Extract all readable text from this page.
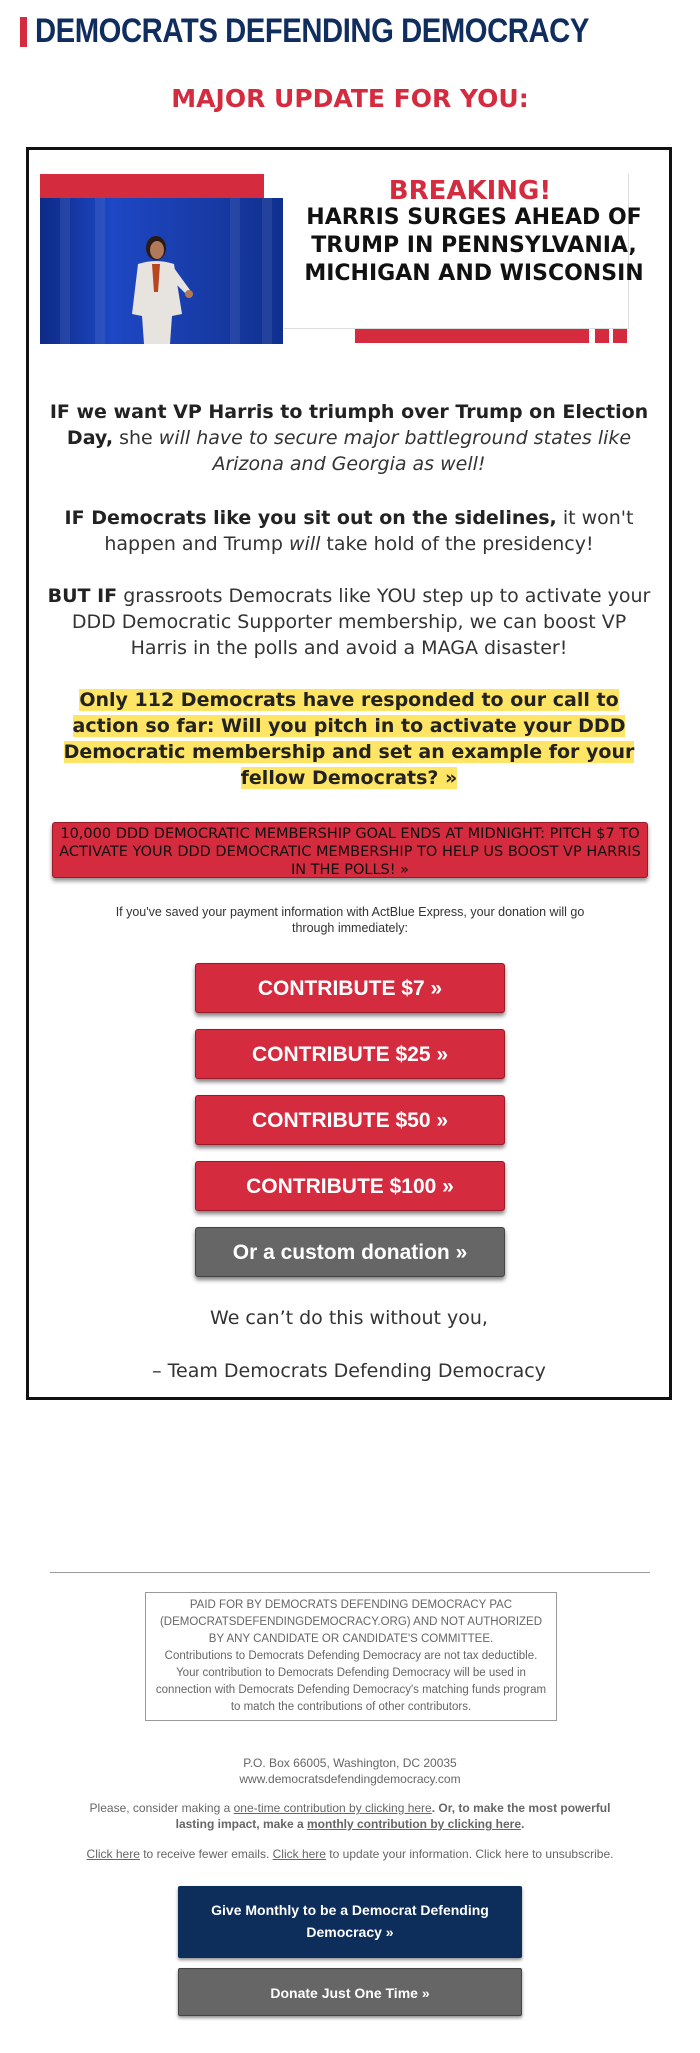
DEMOCRATS DEFENDING DEMOCRACY
MAJOR UPDATE FOR YOU:
BREAKING!
HARRIS SURGES AHEAD OF TRUMP IN PENNSYLVANIA, MICHIGAN AND WISCONSIN
IF we want VP Harris to triumph over Trump on Election Day, she will have to secure major battleground states like Arizona and Georgia as well!
IF Democrats like you sit out on the sidelines, it won't happen and Trump will take hold of the presidency!
BUT IF grassroots Democrats like YOU step up to activate your DDD Democratic Supporter membership, we can boost VP Harris in the polls and avoid a MAGA disaster!
Only 112 Democrats have responded to our call to action so far: Will you pitch in to activate your DDD Democratic membership and set an example for your fellow Democrats? »
10,000 DDD DEMOCRATIC MEMBERSHIP GOAL ENDS AT MIDNIGHT: PITCH $7 TO ACTIVATE YOUR DDD DEMOCRATIC MEMBERSHIP TO HELP US BOOST VP HARRIS IN THE POLLS! »
If you've saved your payment information with ActBlue Express, your donation will go through immediately:
CONTRIBUTE $7 »
CONTRIBUTE $25 »
CONTRIBUTE $50 »
CONTRIBUTE $100 »
Or a custom donation »
We can’t do this without you,
– Team Democrats Defending Democracy
PAID FOR BY DEMOCRATS DEFENDING DEMOCRACY PAC (DEMOCRATSDEFENDINGDEMOCRACY.ORG) AND NOT AUTHORIZED BY ANY CANDIDATE OR CANDIDATE'S COMMITTEE.
Contributions to Democrats Defending Democracy are not tax deductible.
Your contribution to Democrats Defending Democracy will be used in connection with Democrats Defending Democracy's matching funds program to match the contributions of other contributors.
P.O. Box 66005, Washington, DC 20035
www.democratsdefendingdemocracy.com
Please, consider making a one-time contribution by clicking here. Or, to make the most powerful lasting impact, make a monthly contribution by clicking here.
Click here to receive fewer emails. Click here to update your information. Click here to unsubscribe.
Give Monthly to be a Democrat Defending Democracy »
Donate Just One Time »
